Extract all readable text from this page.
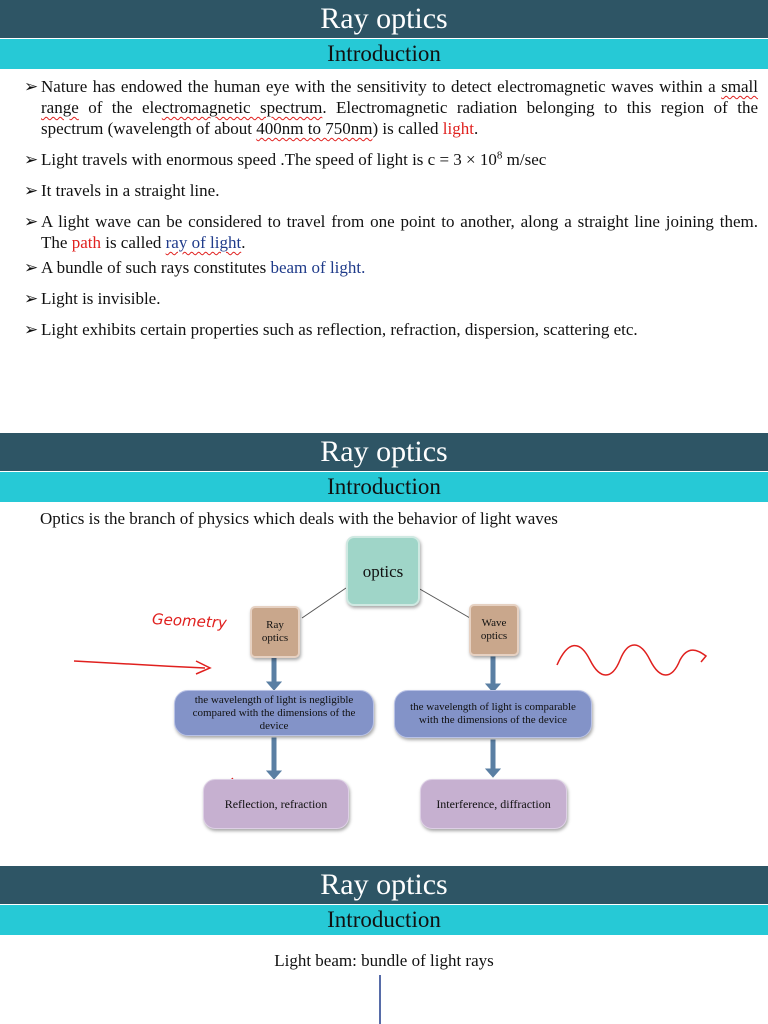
Ray optics
Introduction
➢ Nature has endowed the human eye with the sensitivity to detect electromagnetic waves within a small range of the electromagnetic spectrum. Electromagnetic radiation belonging to this region of the spectrum (wavelength of about 400nm to 750nm) is called light.
➢ Light travels with enormous speed .The speed of light is $c = 3 \times 10^8$ m/sec
➢ It travels in a straight line.
➢ A light wave can be considered to travel from one point to another, along a straight line joining them. The path is called ray of light.
➢ A bundle of such rays constitutes beam of light.
➢ Light is invisible.
➢ Light exhibits certain properties such as reflection, refraction, dispersion, scattering etc.
Ray optics
Introduction
Optics is the branch of physics which deals with the behavior of light waves
Geometry
optics
Ray optics
Wave optics
the wavelength of light is negligible compared with the dimensions of the device
the wavelength of light is comparable with the dimensions of the device
Reflection, refraction	Interference, diffraction
Ray optics
Introduction
Light beam: bundle of light rays
